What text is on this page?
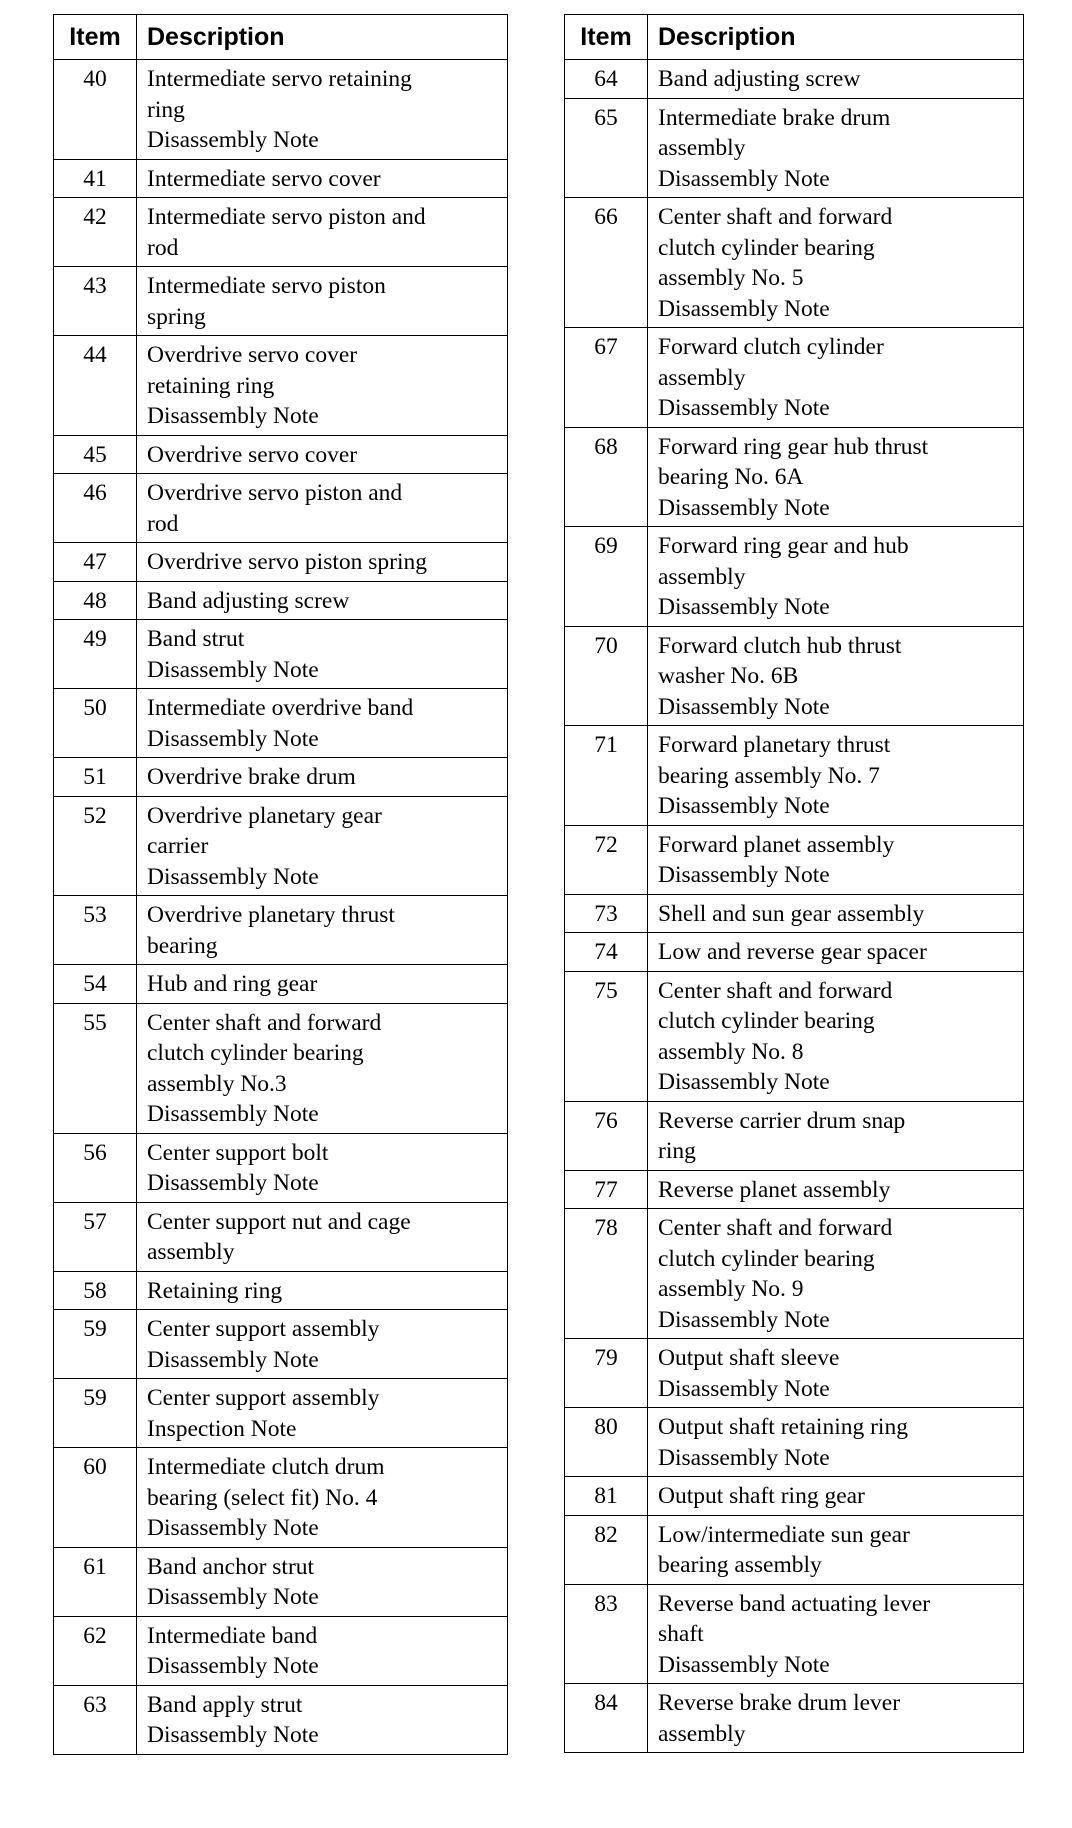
Item	Description
40	Intermediate servo retaining
ring
Disassembly Note

41	Intermediate servo cover

42	Intermediate servo piston and
rod

43	Intermediate servo piston
spring

44	Overdrive servo cover
retaining ring
Disassembly Note

45	Overdrive servo cover

46	Overdrive servo piston and
rod

47	Overdrive servo piston spring

48	Band adjusting screw

49	Band strut
Disassembly Note

50	Intermediate overdrive band
Disassembly Note

51	Overdrive brake drum

52	Overdrive planetary gear
carrier
Disassembly Note

53	Overdrive planetary thrust
bearing

54	Hub and ring gear

55	Center shaft and forward
clutch cylinder bearing
assembly No.3
Disassembly Note

56	Center support bolt
Disassembly Note

57	Center support nut and cage
assembly

58	Retaining ring

59	Center support assembly
Disassembly Note

59	Center support assembly
Inspection Note

60	Intermediate clutch drum
bearing (select fit) No. 4
Disassembly Note

61	Band anchor strut
Disassembly Note

62	Intermediate band
Disassembly Note

63	Band apply strut
Disassembly Note
Item	Description
64	Band adjusting screw

65	Intermediate brake drum
assembly
Disassembly Note

66	Center shaft and forward
clutch cylinder bearing
assembly No. 5
Disassembly Note

67	Forward clutch cylinder
assembly
Disassembly Note

68	Forward ring gear hub thrust
bearing No. 6A
Disassembly Note

69	Forward ring gear and hub
assembly
Disassembly Note

70	Forward clutch hub thrust
washer No. 6B
Disassembly Note

71	Forward planetary thrust
bearing assembly No. 7
Disassembly Note

72	Forward planet assembly
Disassembly Note

73	Shell and sun gear assembly

74	Low and reverse gear spacer

75	Center shaft and forward
clutch cylinder bearing
assembly No. 8
Disassembly Note

76	Reverse carrier drum snap
ring

77	Reverse planet assembly

78	Center shaft and forward
clutch cylinder bearing
assembly No. 9
Disassembly Note

79	Output shaft sleeve
Disassembly Note

80	Output shaft retaining ring
Disassembly Note

81	Output shaft ring gear

82	Low/intermediate sun gear
bearing assembly

83	Reverse band actuating lever
shaft
Disassembly Note

84	Reverse brake drum lever
assembly
